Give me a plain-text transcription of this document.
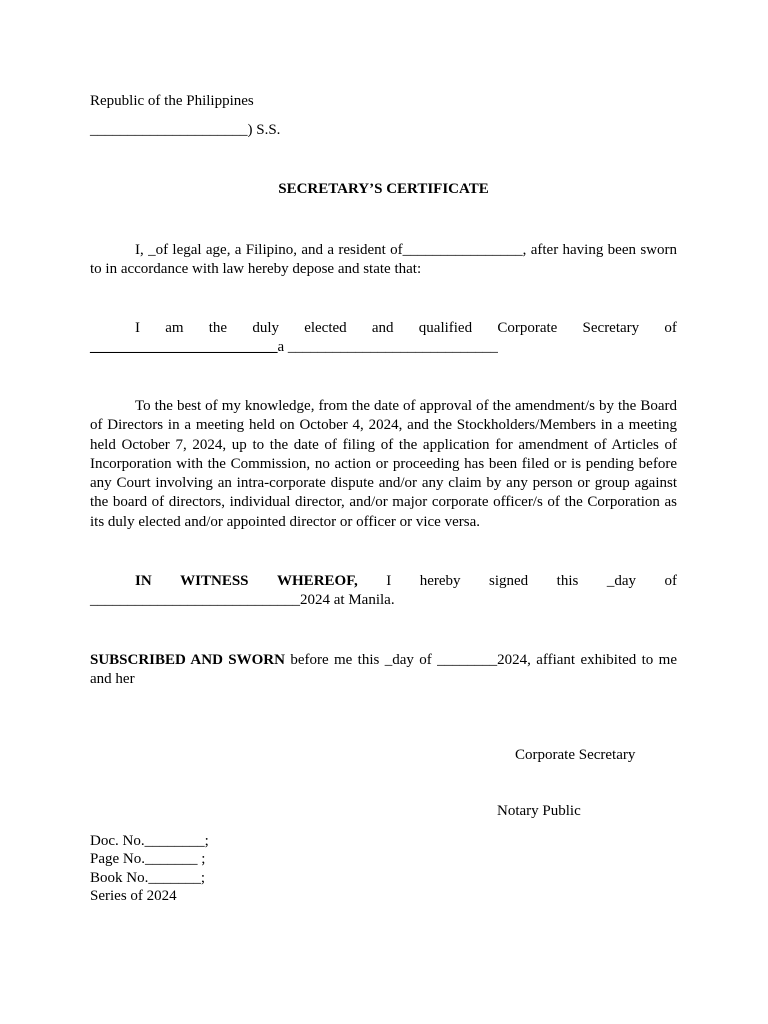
Republic of the Philippines
_____________________) S.S.
SECRETARY’S CERTIFICATE
I, _of legal age, a Filipino, and a resident of________________, after having been sworn to in accordance with law hereby depose and state that:
I am the duly elected and qualified Corporate Secretary of
_________________________a ____________________________
To the best of my knowledge, from the date of approval of the amendment/s by the Board of Directors in a meeting held on October 4, 2024, and the Stockholders/Members in a meeting held October 7, 2024, up to the date of filing of the application for amendment of Articles of Incorporation with the Commission, no action or proceeding has been filed or is pending before any Court involving an intra-corporate dispute and/or any claim by any person or group against the board of directors, individual director, and/or major corporate officer/s of the Corporation as its duly elected and/or appointed director or officer or vice versa.
IN WITNESS WHEREOF, I hereby signed this _day of
____________________________2024 at Manila.
SUBSCRIBED AND SWORN before me this _day of ________2024, affiant exhibited to me and her
Corporate Secretary
Notary Public
Doc. No.________;
Page No._______ ;
Book No._______;
Series of 2024
